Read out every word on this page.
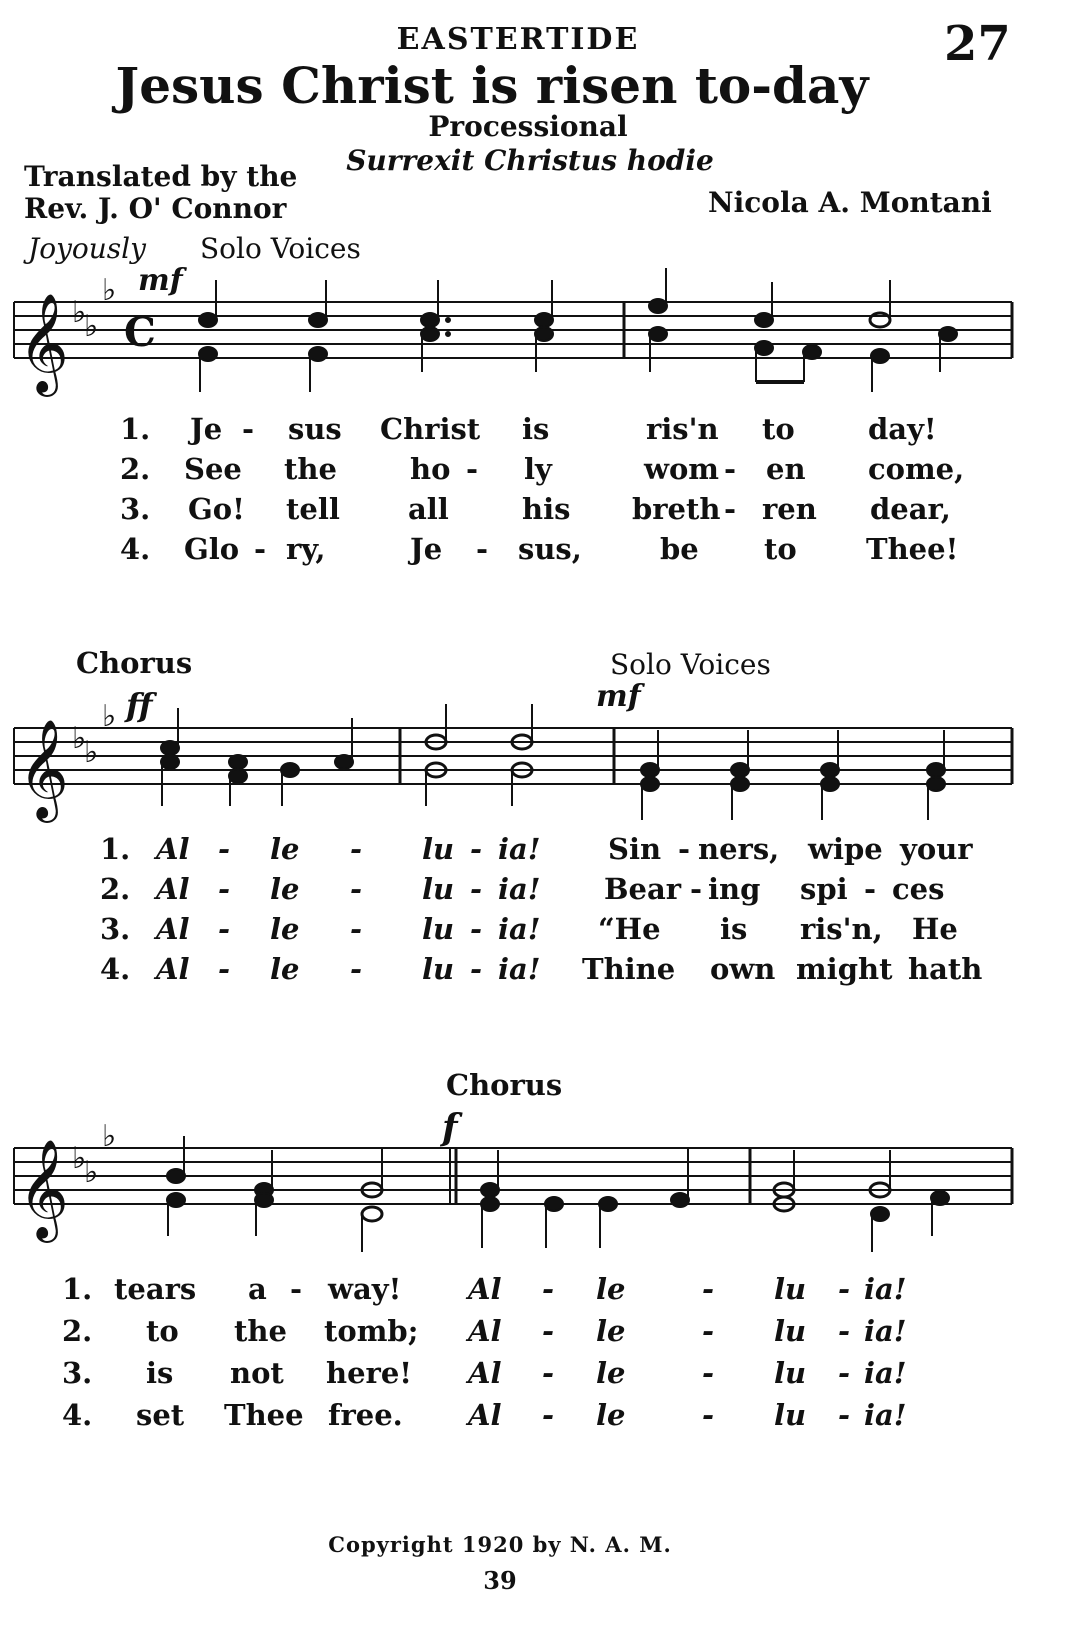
EASTERTIDE	27
Jesus Christ is risen to-day
Processional
Surrexit Christus hodie
Translated by the
Rev. J. O' Connor	Nicola A. Montani
Joyously Solo Voices
𝄞 ♭
♭
♭
C
𝄞 ♭
♭
♭
𝄞 ♭
♭
♭
mf
ff	mf
f
1. Je - sus Christ is	ris'n to	day!
2. See the	ho - ly	wom - en come,
3. Go! tell all	his breth - ren dear,
4. Glo - ry,	Je - sus,	be to Thee!
Chorus	Solo Voices
1. Al - le - lu - ia! Sin - ners, wipe your
2. Al - le - lu - ia! Bear - ing spi - ces
3. Al - le - lu - ia! “He is ris'n, He
4. Al - le - lu - ia! Thine own might hath
Chorus
1. tears a - way! Al - le	- lu - ia!
2. to the tomb; Al - le	- lu - ia!
3. is not here! Al - le	- lu - ia!
4. set Thee free. Al - le	- lu - ia!
Copyright 1920 by N. A. M.
39
